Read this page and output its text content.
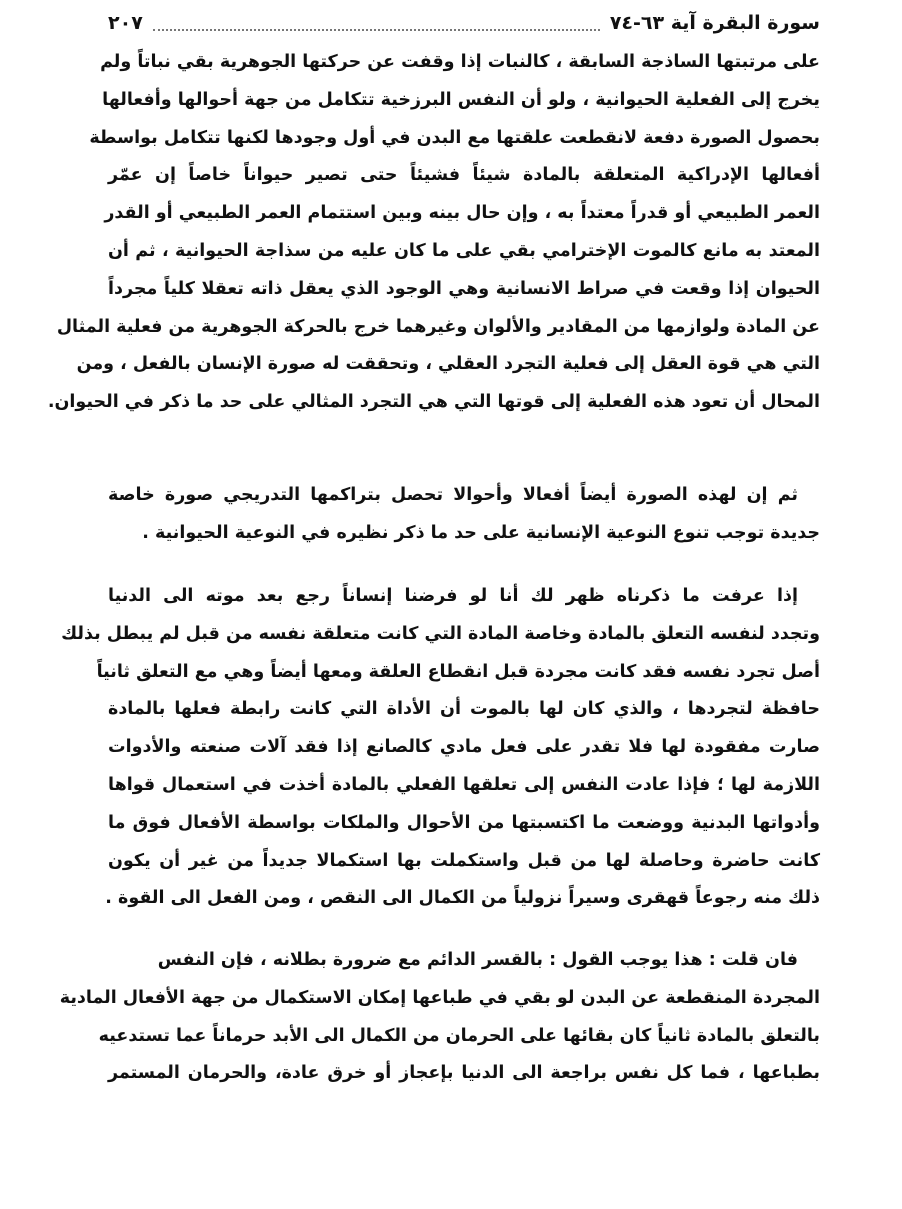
سورة البقرة آية ٦٣-٧٤
٢٠٧
على مرتبتها الساذجة السابقة ، كالنبات إذا وقفت عن حركتها الجوهرية بقي نباتاً ولم
يخرج إلى الفعلية الحيوانية ، ولو أن النفس البرزخية تتكامل من جهة أحوالها وأفعالها
بحصول الصورة دفعة لانقطعت علقتها مع البدن في أول وجودها لكنها تتكامل بواسطة
أفعالها الإدراكية المتعلقة بالمادة شيئاً فشيئاً حتى تصير حيواناً خاصاً إن عمّر
العمر الطبيعي أو قدراً معتداً به ، وإن حال بينه وبين استتمام العمر الطبيعي أو القدر
المعتد به مانع كالموت الإخترامي بقي على ما كان عليه من سذاجة الحيوانية ، ثم أن
الحيوان إذا وقعت في صراط الانسانية وهي الوجود الذي يعقل ذاته تعقلا كلياً مجرداً
عن المادة ولوازمها من المقادير والألوان وغيرهما خرج بالحركة الجوهرية من فعلية المثال
التي هي قوة العقل إلى فعلية التجرد العقلي ، وتحققت له صورة الإنسان بالفعل ، ومن
المحال أن تعود هذه الفعلية إلى قوتها التي هي التجرد المثالي على حد ما ذكر في الحيوان.
ثم إن لهذه الصورة أيضاً أفعالا وأحوالا تحصل بتراكمها التدريجي صورة خاصة
جديدة توجب تنوع النوعية الإنسانية على حد ما ذكر نظيره في النوعية الحيوانية .
إذا عرفت ما ذكرناه ظهر لك أنا لو فرضنا إنساناً رجع بعد موته الى الدنيا
وتجدد لنفسه التعلق بالمادة وخاصة المادة التي كانت متعلقة نفسه من قبل لم يبطل بذلك
أصل تجرد نفسه فقد كانت مجردة قبل انقطاع العلقة ومعها أيضاً وهي مع التعلق ثانياً
حافظة لتجردها ، والذي كان لها بالموت أن الأداة التي كانت رابطة فعلها بالمادة
صارت مفقودة لها فلا تقدر على فعل مادي كالصانع إذا فقد آلات صنعته والأدوات
اللازمة لها ؛ فإذا عادت النفس إلى تعلقها الفعلي بالمادة أخذت في استعمال قواها
وأدواتها البدنية ووضعت ما اكتسبتها من الأحوال والملكات بواسطة الأفعال فوق ما
كانت حاضرة وحاصلة لها من قبل واستكملت بها استكمالا جديداً من غير أن يكون
ذلك منه رجوعاً قهقرى وسيراً نزولياً من الكمال الى النقص ، ومن الفعل الى القوة .
فان قلت : هذا يوجب القول : بالقسر الدائم مع ضرورة بطلانه ، فإن النفس
المجردة المنقطعة عن البدن لو بقي في طباعها إمكان الاستكمال من جهة الأفعال المادية
بالتعلق بالمادة ثانياً كان بقائها على الحرمان من الكمال الى الأبد حرماناً عما تستدعيه
بطباعها ، فما كل نفس براجعة الى الدنيا بإعجاز أو خرق عادة، والحرمان المستمر
